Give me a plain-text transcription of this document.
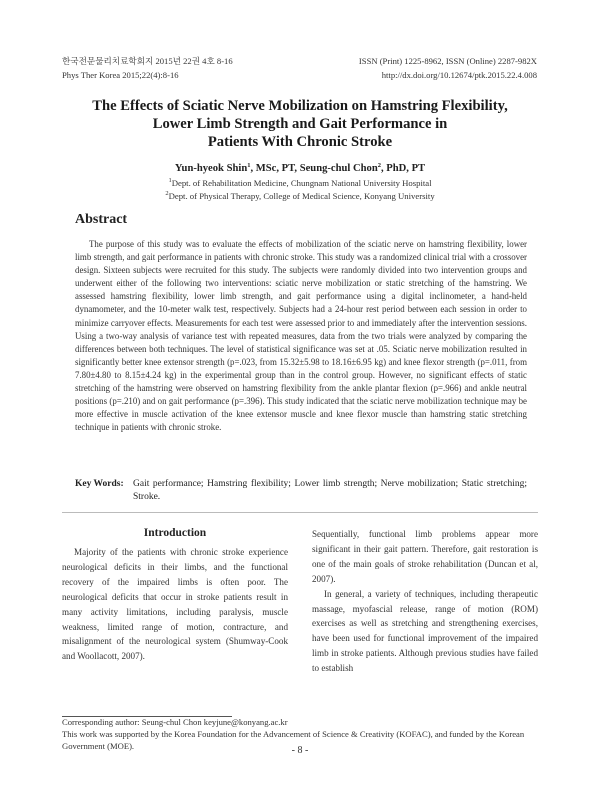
한국전문물리치료학회지 2015년 22권 4호 8-16
Phys Ther Korea 2015;22(4):8-16
ISSN (Print) 1225-8962, ISSN (Online) 2287-982X
http://dx.doi.org/10.12674/ptk.2015.22.4.008
The Effects of Sciatic Nerve Mobilization on Hamstring Flexibility,
Lower Limb Strength and Gait Performance in
Patients With Chronic Stroke
Yun-hyeok Shin$^1$, MSc, PT, Seung-chul Chon$^2$, PhD, PT
$^1$Dept. of Rehabilitation Medicine, Chungnam National University Hospital
$^2$Dept. of Physical Therapy, College of Medical Science, Konyang University
Abstract

The purpose of this study was to evaluate the effects of mobilization of the sciatic nerve on hamstring flexibility, lower limb strength, and gait performance in patients with chronic stroke. This study was a randomized clinical trial with a crossover design. Sixteen subjects were recruited for this study. The subjects were randomly divided into two intervention groups and underwent either of the following two interventions: sciatic nerve mobilization or static stretching of the hamstring. We assessed hamstring flexibility, lower limb strength, and gait performance using a digital inclinometer, a hand-held dynamometer, and the 10-meter walk test, respectively. Subjects had a 24-hour rest period between each session in order to minimize carryover effects. Measurements for each test were assessed prior to and immediately after the intervention sessions. Using a two-way analysis of variance test with repeated measures, data from the two trials were analyzed by comparing the differences between both techniques. The level of statistical significance was set at .05. Sciatic nerve mobilization resulted in significantly better knee extensor strength (p=.023, from 15.32±5.98 to 18.16±6.95 kg) and knee flexor strength (p=.011, from 7.80±4.80 to 8.15±4.24 kg) in the experimental group than in the control group. However, no significant effects of static stretching of the hamstring were observed on hamstring flexibility from the ankle plantar flexion (p=.966) and ankle neutral positions (p=.210) and on gait performance (p=.396). This study indicated that the sciatic nerve mobilization technique may be more effective in muscle activation of the knee extensor muscle and knee flexor muscle than hamstring static stretching technique in patients with chronic stroke.

Key Words: Gait performance; Hamstring flexibility; Lower limb strength; Nerve mobilization; Static stretching; Stroke.
Introduction

Majority of the patients with chronic stroke experience neurological deficits in their limbs, and the functional recovery of the impaired limbs is often poor. The neurological deficits that occur in stroke patients result in many activity limitations, including paralysis, muscle weakness, limited range of motion, contracture, and misalignment of the neurological system (Shumway-Cook and Woollacott, 2007).

Sequentially, functional limb problems appear more significant in their gait pattern. Therefore, gait restoration is one of the main goals of stroke rehabilitation (Duncan et al, 2007).

In general, a variety of techniques, including therapeutic massage, myofascial release, range of motion (ROM) exercises as well as stretching and strengthening exercises, have been used for functional improvement of the impaired limb in stroke patients. Although previous studies have failed to establish

Corresponding author: Seung-chul Chon keyjune@konyang.ac.kr
This work was supported by the Korea Foundation for the Advancement of Science & Creativity (KOFAC), and funded by the Korean Government (MOE).	- 8 -
